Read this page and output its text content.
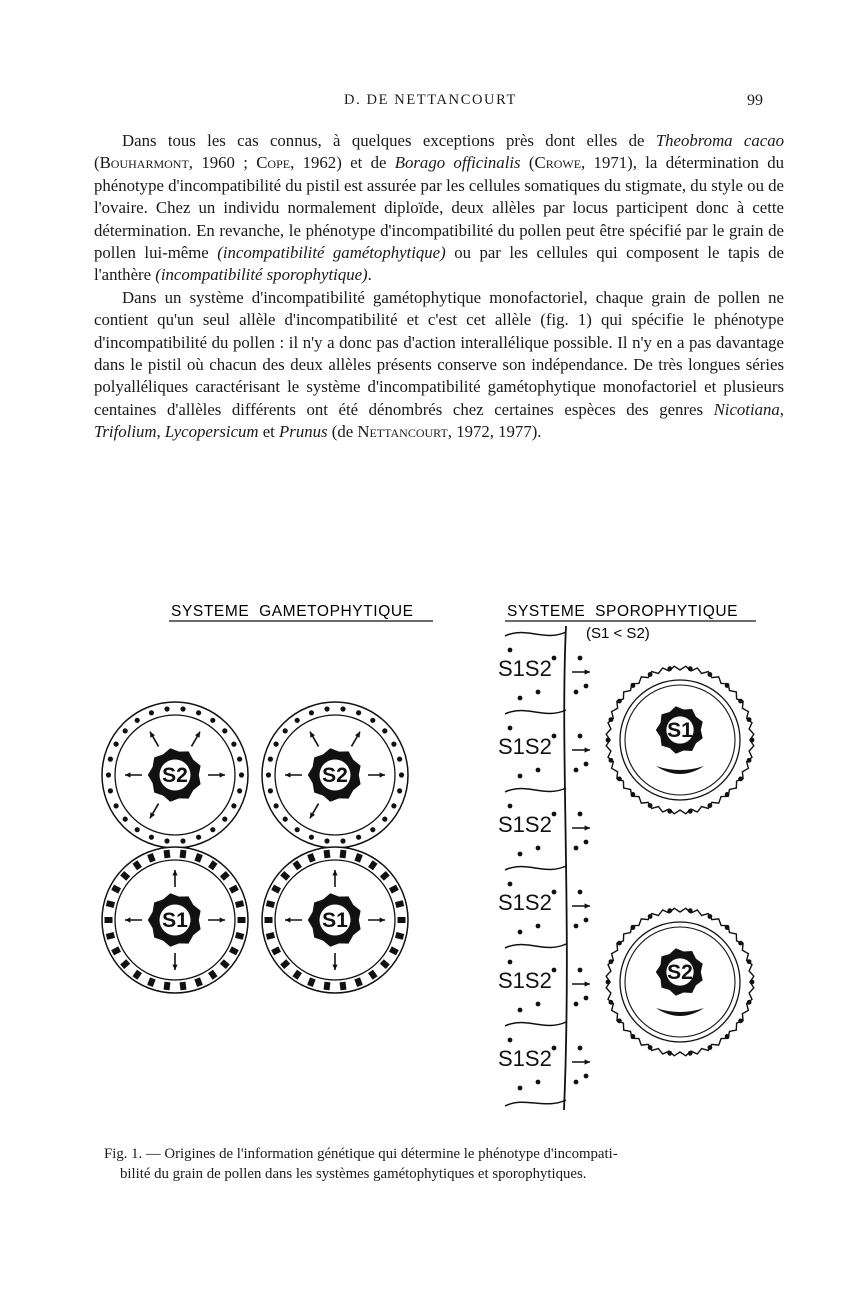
D. DE NETTANCOURT	99

Dans tous les cas connus, à quelques exceptions près dont elles de Theobroma cacao (Bouharmont, 1960 ; Cope, 1962) et de Borago officinalis (Crowe, 1971), la détermination du phénotype d'incompatibilité du pistil est assurée par les cellules somatiques du stigmate, du style ou de l'ovaire. Chez un individu normalement diploïde, deux allèles par locus participent donc à cette détermination. En revanche, le phénotype d'incompatibilité du pollen peut être spécifié par le grain de pollen lui-même (incompatibilité gamétophytique) ou par les cellules qui composent le tapis de l'anthère (incompatibilité sporophytique).

Dans un système d'incompatibilité gamétophytique monofactoriel, chaque grain de pollen ne contient qu'un seul allèle d'incompatibilité et c'est cet allèle (fig. 1) qui spécifie le phénotype d'incompatibilité du pollen : il n'y a donc pas d'action interallélique possible. Il n'y en a pas davantage dans le pistil où chacun des deux allèles présents conserve son indépendance. De très longues séries polyalléliques caractérisant le système d'incompatibilité gamétophytique monofactoriel et plusieurs centaines d'allèles différents ont été dénombrés chez certaines espèces des genres Nicotiana, Trifolium, Lycopersicum et Prunus (de Nettancourt, 1972, 1977).

SYSTEME  GAMETOPHYTIQUE	SYSTEME  SPOROPHYTIQUE
(S1 < S2)
S2	S2
S1	S1
S1S2
S1S2
S1S2
S1S2
S1S2
S1S2
S1
S2
Fig. 1. — Origines de l'information génétique qui détermine le phénotype d'incompati-
bilité du grain de pollen dans les systèmes gamétophytiques et sporophytiques.
